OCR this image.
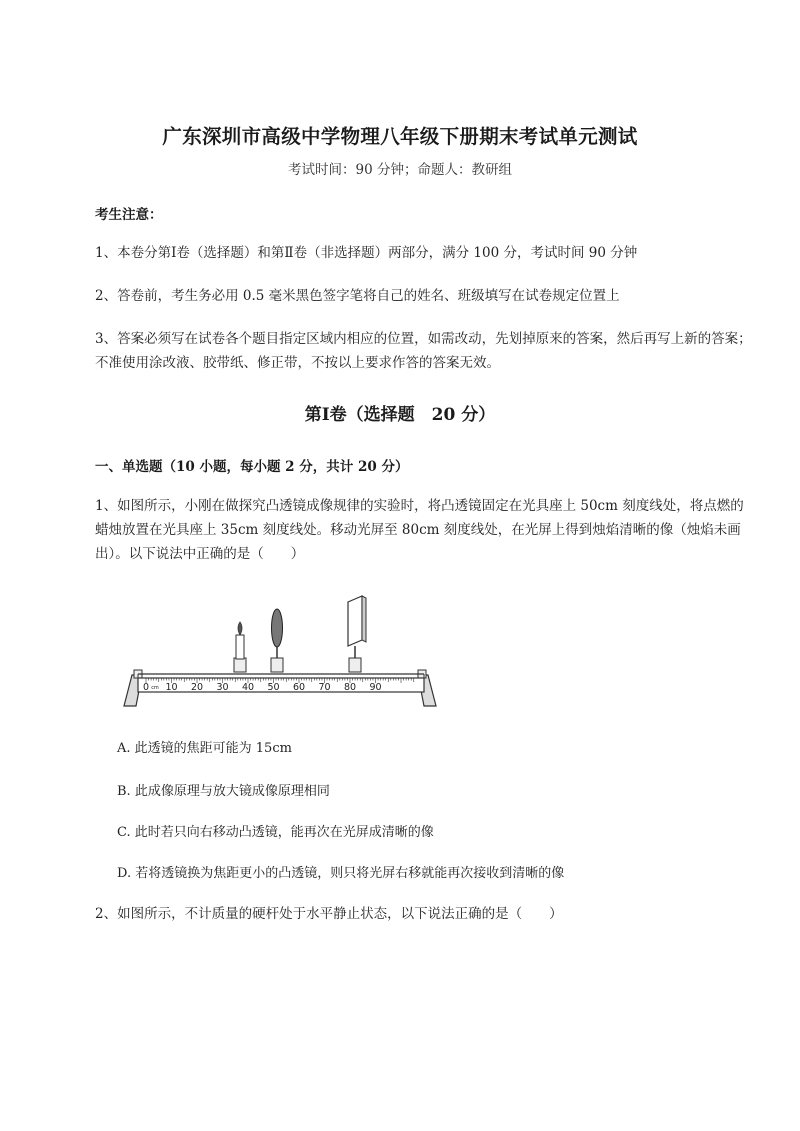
广东深圳市高级中学物理八年级下册期末考试单元测试
考试时间：90 分钟；命题人：教研组
考生注意：
1、本卷分第Ⅰ卷（选择题）和第Ⅱ卷（非选择题）两部分，满分 100 分，考试时间 90 分钟
2、答卷前，考生务必用 0.5 毫米黑色签字笔将自己的姓名、班级填写在试卷规定位置上
3、答案必须写在试卷各个题目指定区域内相应的位置，如需改动，先划掉原来的答案，然后再写上新的答案；不准使用涂改液、胶带纸、修正带，不按以上要求作答的答案无效。
第Ⅰ卷（选择题　20 分）
一、单选题（10 小题，每小题 2 分，共计 20 分）
1、如图所示，小刚在做探究凸透镜成像规律的实验时，将凸透镜固定在光具座上 50cm 刻度线处，将点燃的蜡烛放置在光具座上 35cm 刻度线处。移动光屏至 80cm 刻度线处，在光屏上得到烛焰清晰的像（烛焰未画出）。以下说法中正确的是（　　）
0 cm 10 20 30 40 50 60 70 80 90
A. 此透镜的焦距可能为 15cm
B. 此成像原理与放大镜成像原理相同
C. 此时若只向右移动凸透镜，能再次在光屏成清晰的像
D. 若将透镜换为焦距更小的凸透镜，则只将光屏右移就能再次接收到清晰的像
2、如图所示，不计质量的硬杆处于水平静止状态，以下说法正确的是（　　）
